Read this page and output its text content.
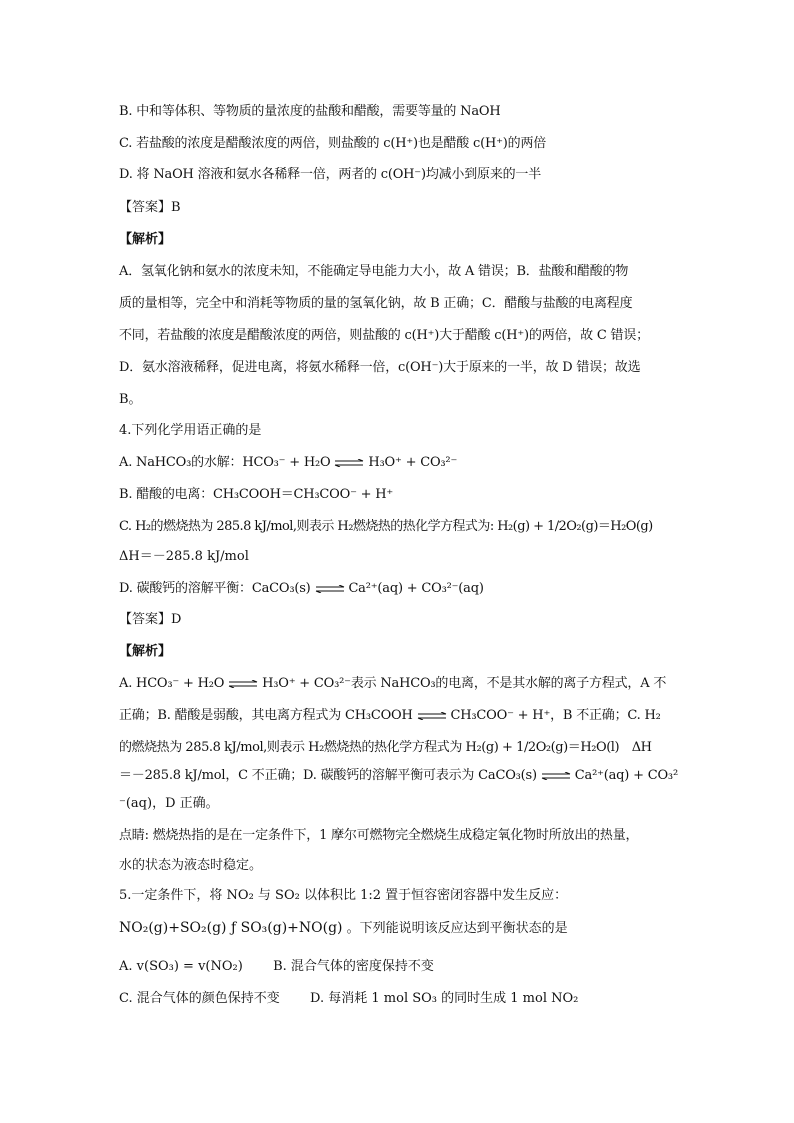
B. 中和等体积、等物质的量浓度的盐酸和醋酸，需要等量的 NaOH
C. 若盐酸的浓度是醋酸浓度的两倍，则盐酸的 c(H⁺)也是醋酸 c(H⁺)的两倍
D. 将 NaOH 溶液和氨水各稀释一倍，两者的 c(OH⁻)均减小到原来的一半
【答案】B
【解析】
A．氢氧化钠和氨水的浓度未知，不能确定导电能力大小，故 A 错误；B．盐酸和醋酸的物
质的量相等，完全中和消耗等物质的量的氢氧化钠，故 B 正确；C．醋酸与盐酸的电离程度
不同，若盐酸的浓度是醋酸浓度的两倍，则盐酸的 c(H⁺)大于醋酸 c(H⁺)的两倍，故 C 错误；
D．氨水溶液稀释，促进电离，将氨水稀释一倍，c(OH⁻)大于原来的一半，故 D 错误；故选
B。
4.下列化学用语正确的是
A. NaHCO₃的水解：HCO₃⁻ + H₂O ⇌ H₃O⁺ + CO₃²⁻
B. 醋酸的电离：CH₃COOH＝CH₃COO⁻ + H⁺
C. H₂的燃烧热为 285.8 kJ/mol,则表示 H₂燃烧热的热化学方程式为: H₂(g) + 1/2O₂(g)＝H₂O(g)
ΔH＝－285.8 kJ/mol
D. 碳酸钙的溶解平衡：CaCO₃(s) ⇌ Ca²⁺(aq) + CO₃²⁻(aq)
【答案】D
【解析】
A. HCO₃⁻ + H₂O ⇌ H₃O⁺ + CO₃²⁻表示 NaHCO₃的电离，不是其水解的离子方程式，A 不
正确；B. 醋酸是弱酸，其电离方程式为 CH₃COOH ⇌ CH₃COO⁻ + H⁺，B 不正确；C. H₂
的燃烧热为 285.8 kJ/mol,则表示 H₂燃烧热的热化学方程式为 H₂(g) + 1/2O₂(g)＝H₂O(l)　ΔH
＝－285.8 kJ/mol，C 不正确；D. 碳酸钙的溶解平衡可表示为 CaCO₃(s) ⇌ Ca²⁺(aq) + CO₃²
⁻(aq)，D 正确。
点睛: 燃烧热指的是在一定条件下，1 摩尔可燃物完全燃烧生成稳定氧化物时所放出的热量，
水的状态为液态时稳定。
5.一定条件下，将 NO₂ 与 SO₂ 以体积比 1:2 置于恒容密闭容器中发生反应：
NO₂(g)+SO₂(g) ƒ SO₃(g)+NO(g) 。下列能说明该反应达到平衡状态的是
A. v(SO₃) = v(NO₂) B. 混合气体的密度保持不变
C. 混合气体的颜色保持不变 D. 每消耗 1 mol SO₃ 的同时生成 1 mol NO₂
